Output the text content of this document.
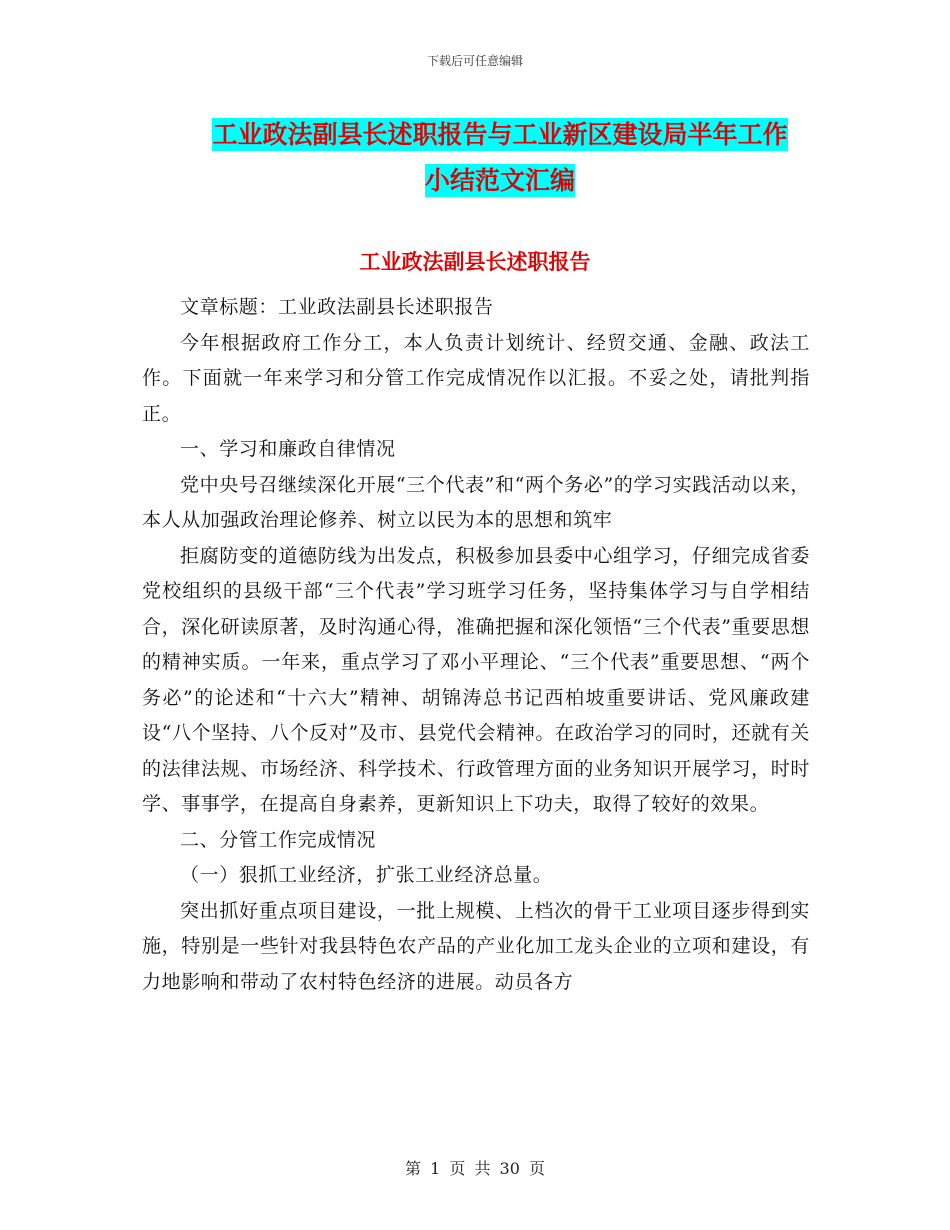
下载后可任意编辑
工业政法副县长述职报告与工业新区建设局半年工作
小结范文汇编
工业政法副县长述职报告

文章标题：工业政法副县长述职报告

今年根据政府工作分工，本人负责计划统计、经贸交通、金融、政法工作。下面就一年来学习和分管工作完成情况作以汇报。不妥之处，请批判指正。

一、学习和廉政自律情况

党中央号召继续深化开展“三个代表”和“两个务必”的学习实践活动以来，本人从加强政治理论修养、树立以民为本的思想和筑牢

拒腐防变的道德防线为出发点，积极参加县委中心组学习，仔细完成省委党校组织的县级干部“三个代表”学习班学习任务，坚持集体学习与自学相结合，深化研读原著，及时沟通心得，准确把握和深化领悟“三个代表”重要思想的精神实质。一年来，重点学习了邓小平理论、“三个代表”重要思想、“两个务必”的论述和“十六大”精神、胡锦涛总书记西柏坡重要讲话、党风廉政建设“八个坚持、八个反对”及市、县党代会精神。在政治学习的同时，还就有关的法律法规、市场经济、科学技术、行政管理方面的业务知识开展学习，时时学、事事学，在提高自身素养，更新知识上下功夫，取得了较好的效果。

二、分管工作完成情况

（一）狠抓工业经济，扩张工业经济总量。

突出抓好重点项目建设，一批上规模、上档次的骨干工业项目逐步得到实施，特别是一些针对我县特色农产品的产业化加工龙头企业的立项和建设，有力地影响和带动了农村特色经济的进展。动员各方

第 1 页 共 30 页
